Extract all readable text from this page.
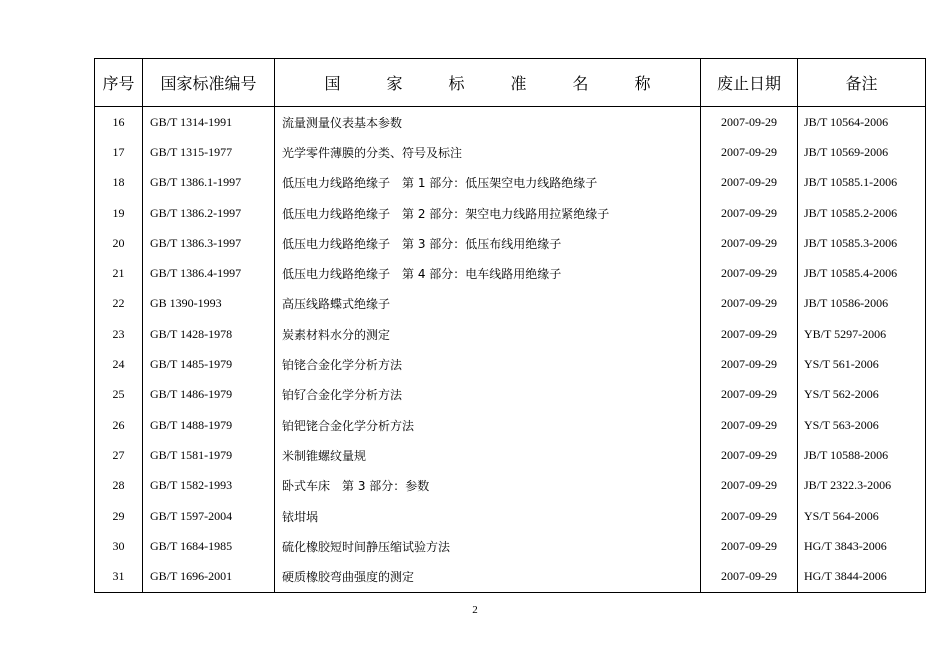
序号	国家标准编号	国家标准名称	废止日期	备注
16	GB/T 1314-1991	流量测量仪表基本参数	2007-09-29	JB/T 10564-2006
17	GB/T 1315-1977	光学零件薄膜的分类、符号及标注	2007-09-29	JB/T 10569-2006
18	GB/T 1386.1-1997	低压电力线路绝缘子　第 1 部分：低压架空电力线路绝缘子	2007-09-29	JB/T 10585.1-2006
19	GB/T 1386.2-1997	低压电力线路绝缘子　第 2 部分：架空电力线路用拉紧绝缘子	2007-09-29	JB/T 10585.2-2006
20	GB/T 1386.3-1997	低压电力线路绝缘子　第 3 部分：低压布线用绝缘子	2007-09-29	JB/T 10585.3-2006
21	GB/T 1386.4-1997	低压电力线路绝缘子　第 4 部分：电车线路用绝缘子	2007-09-29	JB/T 10585.4-2006
22	GB 1390-1993	高压线路蝶式绝缘子	2007-09-29	JB/T 10586-2006
23	GB/T 1428-1978	炭素材料水分的测定	2007-09-29	YB/T 5297-2006
24	GB/T 1485-1979	铂铑合金化学分析方法	2007-09-29	YS/T 561-2006
25	GB/T 1486-1979	铂钌合金化学分析方法	2007-09-29	YS/T 562-2006
26	GB/T 1488-1979	铂钯铑合金化学分析方法	2007-09-29	YS/T 563-2006
27	GB/T 1581-1979	米制锥螺纹量规	2007-09-29	JB/T 10588-2006
28	GB/T 1582-1993	卧式车床　第 3 部分：参数	2007-09-29	JB/T 2322.3-2006
29	GB/T 1597-2004	铱坩埚	2007-09-29	YS/T 564-2006
30	GB/T 1684-1985	硫化橡胶短时间静压缩试验方法	2007-09-29	HG/T 3843-2006
31	GB/T 1696-2001	硬质橡胶弯曲强度的测定	2007-09-29	HG/T 3844-2006
2
